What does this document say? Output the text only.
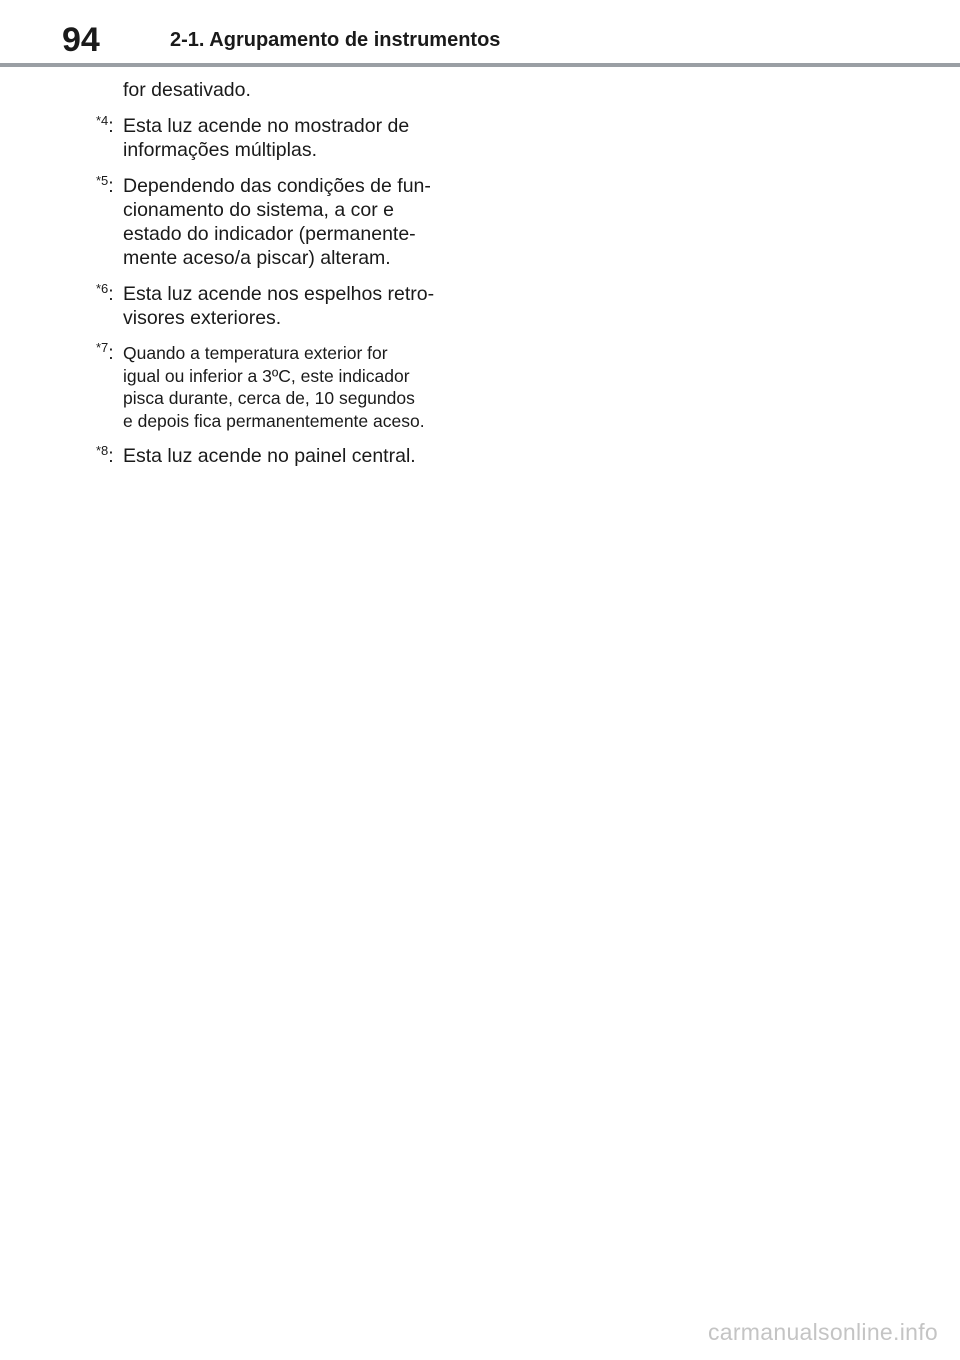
94	2-1. Agrupamento de instrumentos
for desativado.
$^{*4}$: Esta luz acende no mostrador de
informações múltiplas.
$^{*5}$: Dependendo das condições de fun-
cionamento do sistema, a cor e
estado do indicador (permanente-
mente aceso/a piscar) alteram.
$^{*6}$: Esta luz acende nos espelhos retro-
visores exteriores.
$^{*7}$: Quando a temperatura exterior for
igual ou inferior a 3ºC, este indicador
pisca durante, cerca de, 10 segundos
e depois fica permanentemente aceso.
$^{*8}$: Esta luz acende no painel central.
carmanualsonline.info
